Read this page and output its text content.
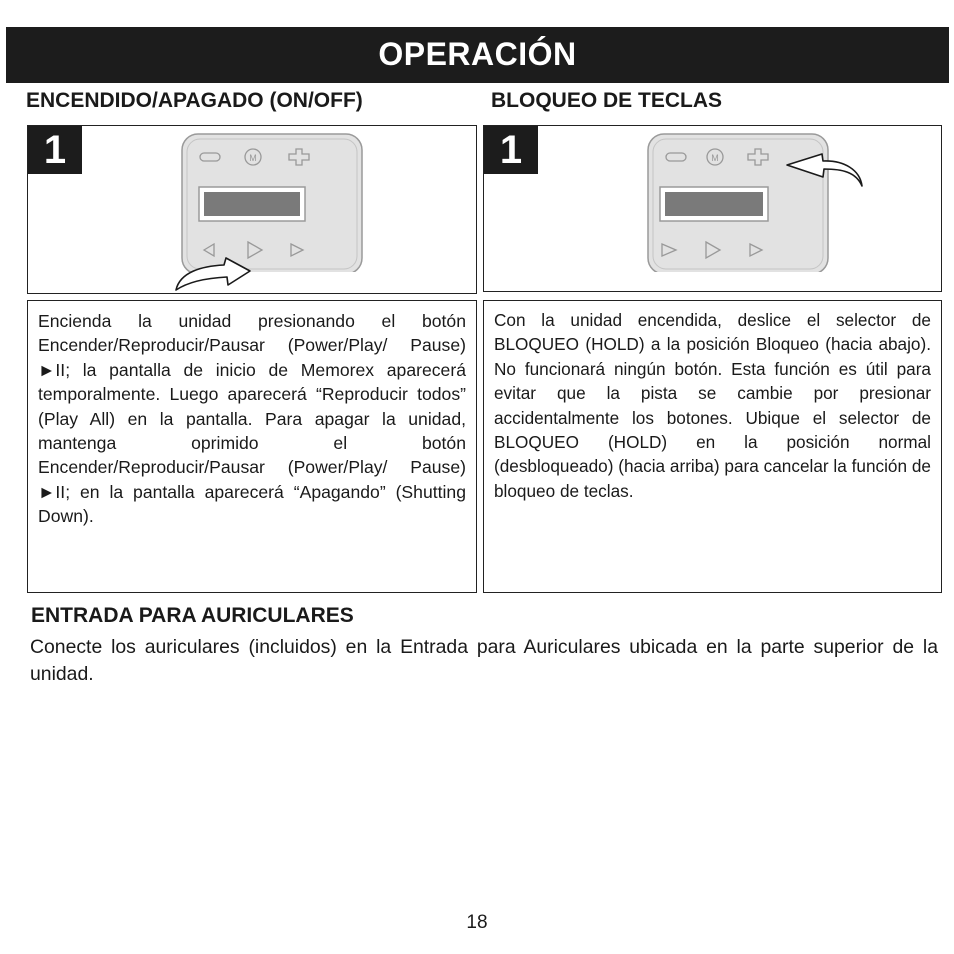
OPERACIÓN
ENCENDIDO/APAGADO (ON/OFF)	BLOQUEO DE TECLAS
1	M	1	M

Encienda la unidad presionando el botón Encender/Reproducir/Pausar (Power/Play/ Pause) ►II; la pantalla de inicio de Memorex aparecerá temporalmente. Luego aparecerá “Reproducir todos” (Play All) en la pantalla. Para apagar la unidad, mantenga oprimido el botón Encender/Reproducir/Pausar (Power/Play/ Pause) ►II; en la pantalla aparecerá “Apagando” (Shutting Down).

Con la unidad encendida, deslice el selector de BLOQUEO (HOLD) a la posición Bloqueo (hacia abajo). No funcionará ningún botón. Esta función es útil para evitar que la pista se cambie por presionar accidentalmente los botones. Ubique el selector de BLOQUEO (HOLD) en la posición normal (desbloqueado) (hacia arriba) para cancelar la función de bloqueo de teclas.

ENTRADA PARA AURICULARES

Conecte los auriculares (incluidos) en la Entrada para Auriculares ubicada en la parte superior de la unidad.

18
